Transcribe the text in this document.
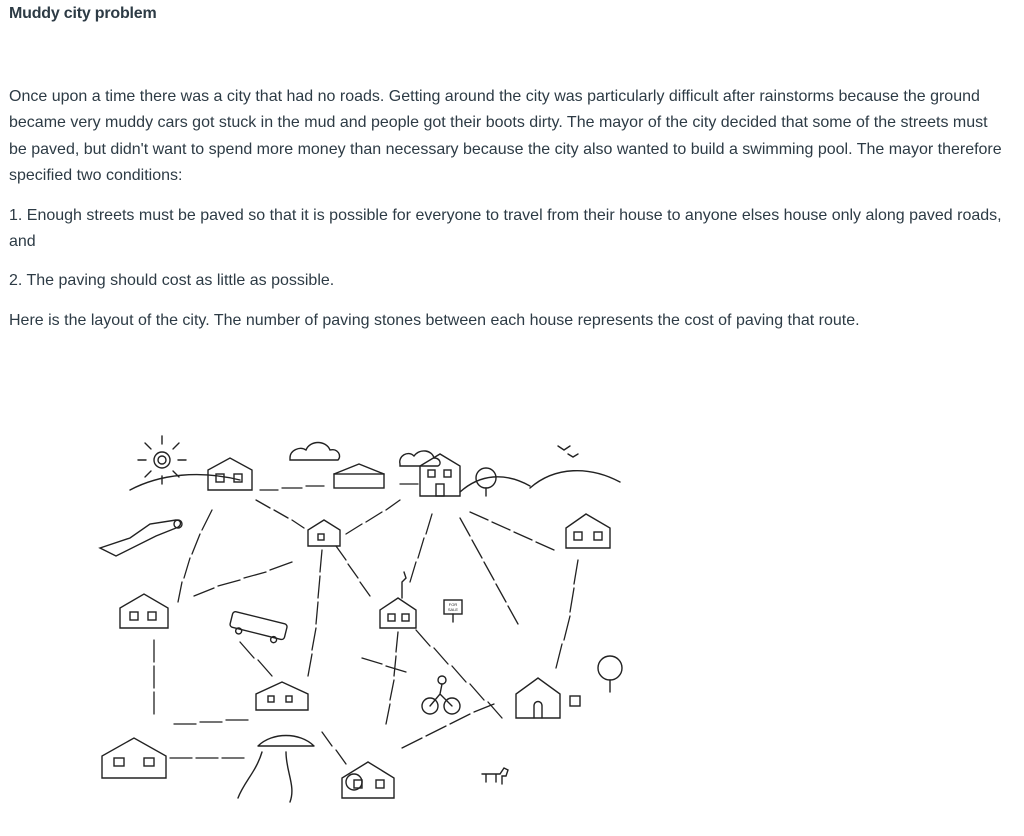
Muddy city problem

Once upon a time there was a city that had no roads. Getting around the city was particularly difficult after rainstorms because the ground became very muddy cars got stuck in the mud and people got their boots dirty. The mayor of the city decided that some of the streets must be paved, but didn't want to spend more money than necessary because the city also wanted to build a swimming pool. The mayor therefore specified two conditions:

1. Enough streets must be paved so that it is possible for everyone to travel from their house to anyone elses house only along paved roads, and

2. The paving should cost as little as possible.

Here is the layout of the city. The number of paving stones between each house represents the cost of paving that route.

FOR
SALE
